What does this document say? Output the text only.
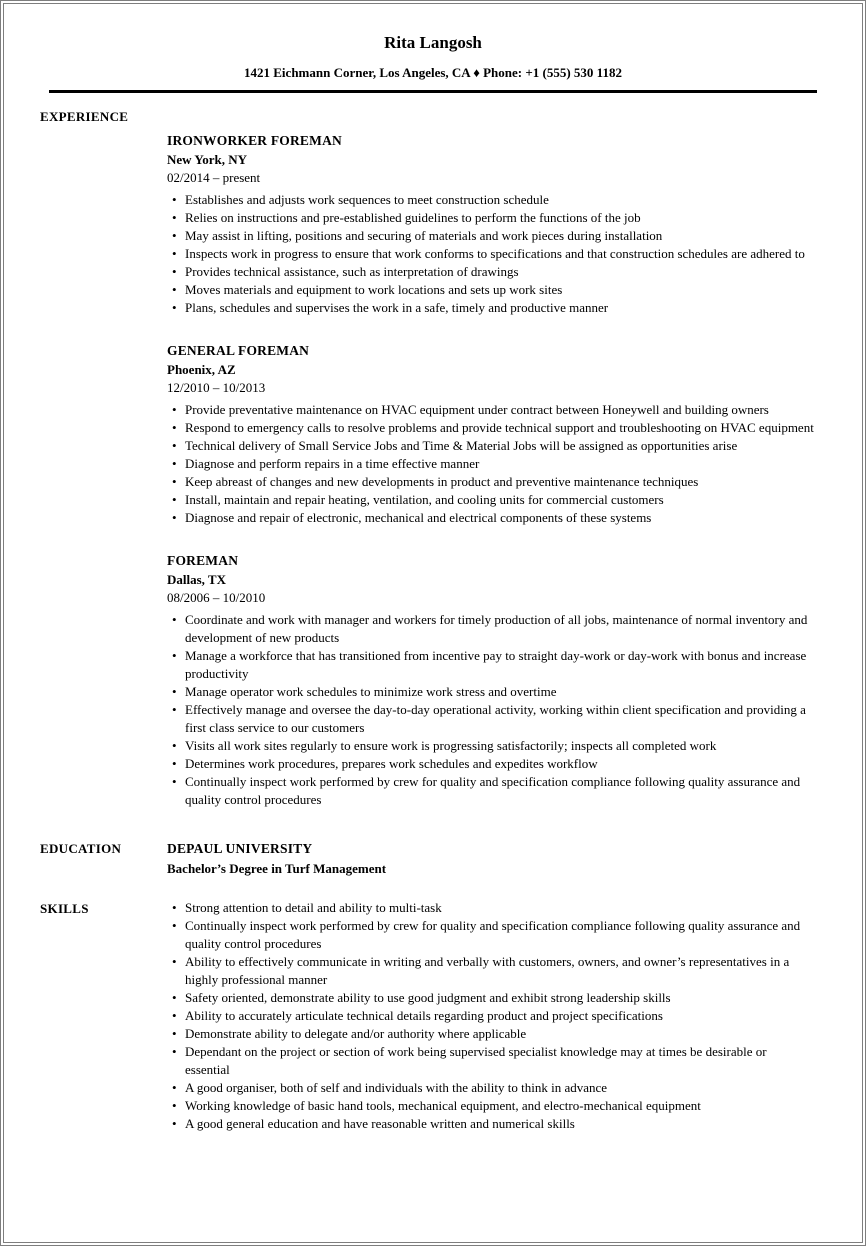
Rita Langosh
1421 Eichmann Corner, Los Angeles, CA ♦ Phone: +1 (555) 530 1182
EXPERIENCE
IRONWORKER FOREMAN
New York, NY
02/2014 – present
•
Establishes and adjusts work sequences to meet construction schedule
•
Relies on instructions and pre-established guidelines to perform the functions of the job
•
May assist in lifting, positions and securing of materials and work pieces during installation
•
Inspects work in progress to ensure that work conforms to specifications and that construction schedules are adhered to
•
Provides technical assistance, such as interpretation of drawings
•
Moves materials and equipment to work locations and sets up work sites
•
Plans, schedules and supervises the work in a safe, timely and productive manner
GENERAL FOREMAN
Phoenix, AZ
12/2010 – 10/2013
•
Provide preventative maintenance on HVAC equipment under contract between Honeywell and building owners
•
Respond to emergency calls to resolve problems and provide technical support and troubleshooting on HVAC equipment
•
Technical delivery of Small Service Jobs and Time & Material Jobs will be assigned as opportunities arise
•
Diagnose and perform repairs in a time effective manner
•
Keep abreast of changes and new developments in product and preventive maintenance techniques
•
Install, maintain and repair heating, ventilation, and cooling units for commercial customers
•
Diagnose and repair of electronic, mechanical and electrical components of these systems
FOREMAN
Dallas, TX
08/2006 – 10/2010
•
Coordinate and work with manager and workers for timely production of all jobs, maintenance of normal inventory and development of new products
•
Manage a workforce that has transitioned from incentive pay to straight day-work or day-work with bonus and increase productivity
•
Manage operator work schedules to minimize work stress and overtime
•
Effectively manage and oversee the day-to-day operational activity, working within client specification and providing a first class service to our customers
•
Visits all work sites regularly to ensure work is progressing satisfactorily; inspects all completed work
•
Determines work procedures, prepares work schedules and expedites workflow
•
Continually inspect work performed by crew for quality and specification compliance following quality assurance and quality control procedures
EDUCATION	DEPAUL UNIVERSITY
Bachelor’s Degree in Turf Management
SKILLS •	Strong attention to detail and ability to multi-task
•
Continually inspect work performed by crew for quality and specification compliance following quality assurance and quality control procedures
•
Ability to effectively communicate in writing and verbally with customers, owners, and owner’s representatives in a highly professional manner
•
Safety oriented, demonstrate ability to use good judgment and exhibit strong leadership skills
•
Ability to accurately articulate technical details regarding product and project specifications
•
Demonstrate ability to delegate and/or authority where applicable
•
Dependant on the project or section of work being supervised specialist knowledge may at times be desirable or essential
•
A good organiser, both of self and individuals with the ability to think in advance
•
Working knowledge of basic hand tools, mechanical equipment, and electro-mechanical equipment
•
A good general education and have reasonable written and numerical skills
